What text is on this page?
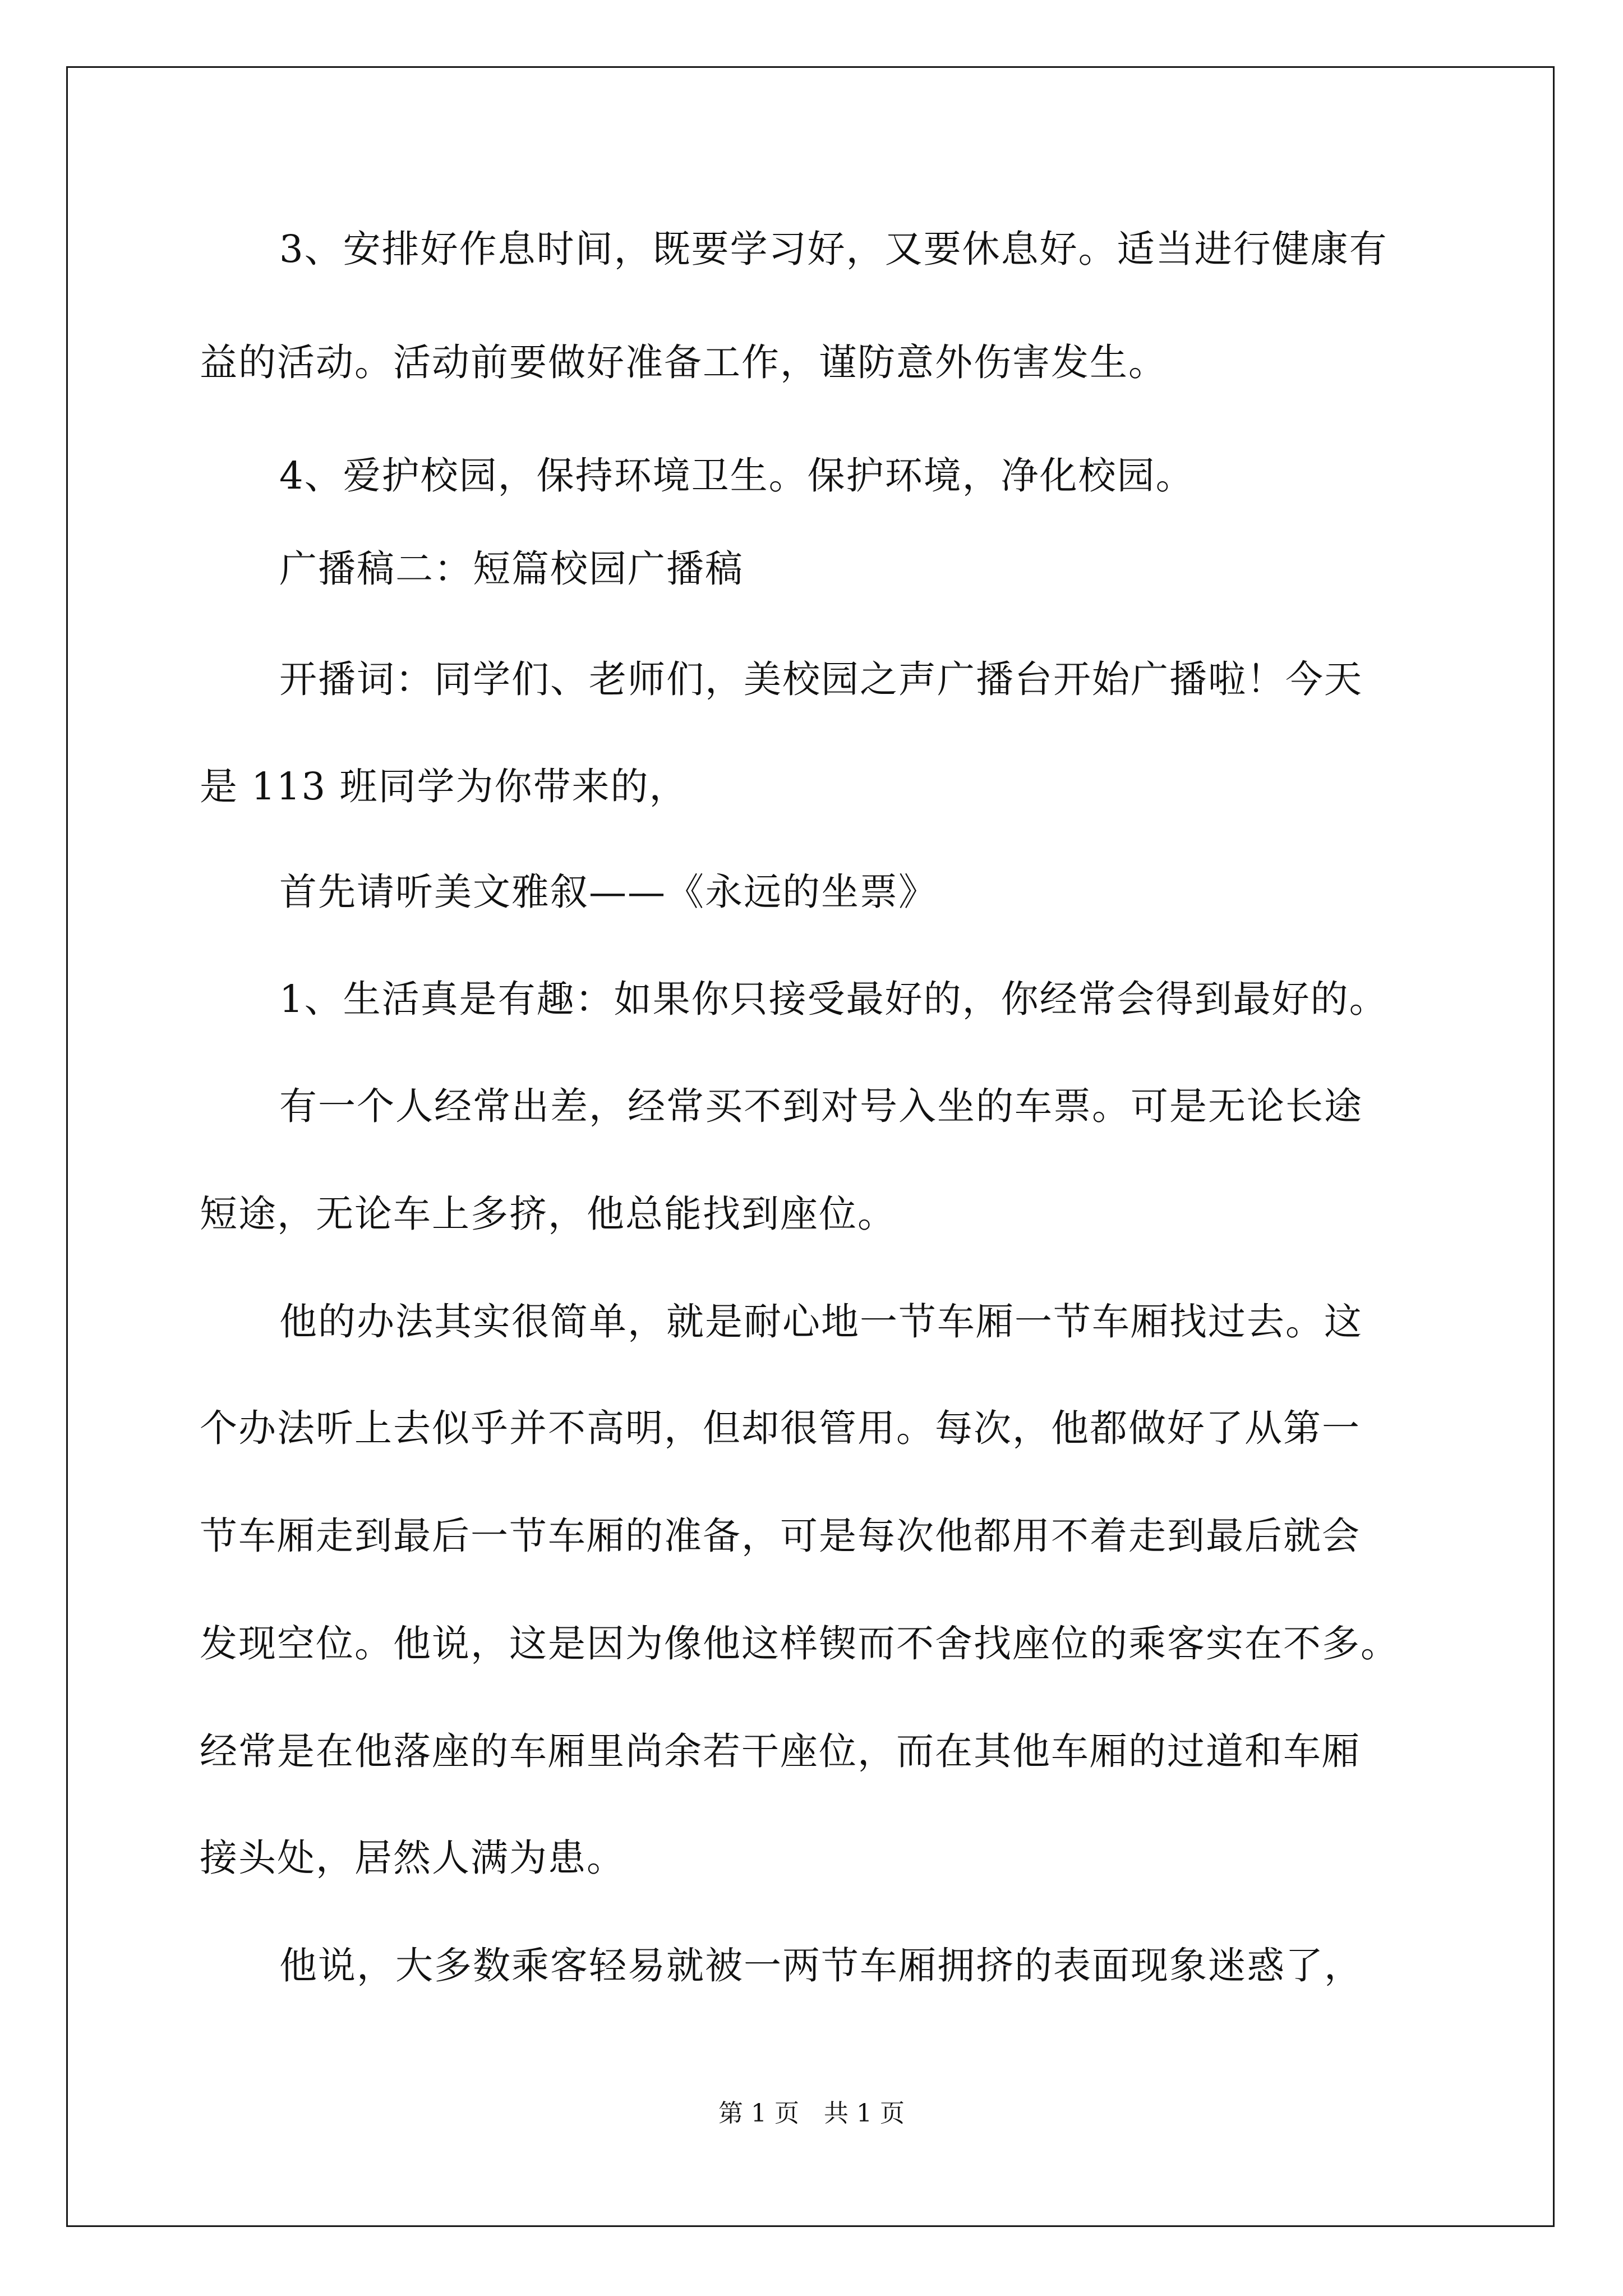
3、安排好作息时间，既要学习好，又要休息好。适当进行健康有

益的活动。活动前要做好准备工作，谨防意外伤害发生。

4、爱护校园，保持环境卫生。保护环境，净化校园。

广播稿二：短篇校园广播稿

开播词：同学们、老师们，美校园之声广播台开始广播啦！今天

是 113 班同学为你带来的，

首先请听美文雅叙——《永远的坐票》

1、生活真是有趣：如果你只接受最好的，你经常会得到最好的。

有一个人经常出差，经常买不到对号入坐的车票。可是无论长途

短途，无论车上多挤，他总能找到座位。

他的办法其实很简单，就是耐心地一节车厢一节车厢找过去。这

个办法听上去似乎并不高明，但却很管用。每次，他都做好了从第一

节车厢走到最后一节车厢的准备，可是每次他都用不着走到最后就会

发现空位。他说，这是因为像他这样锲而不舍找座位的乘客实在不多。

经常是在他落座的车厢里尚余若干座位，而在其他车厢的过道和车厢

接头处，居然人满为患。

他说，大多数乘客轻易就被一两节车厢拥挤的表面现象迷惑了，

第 1 页　共 1 页
